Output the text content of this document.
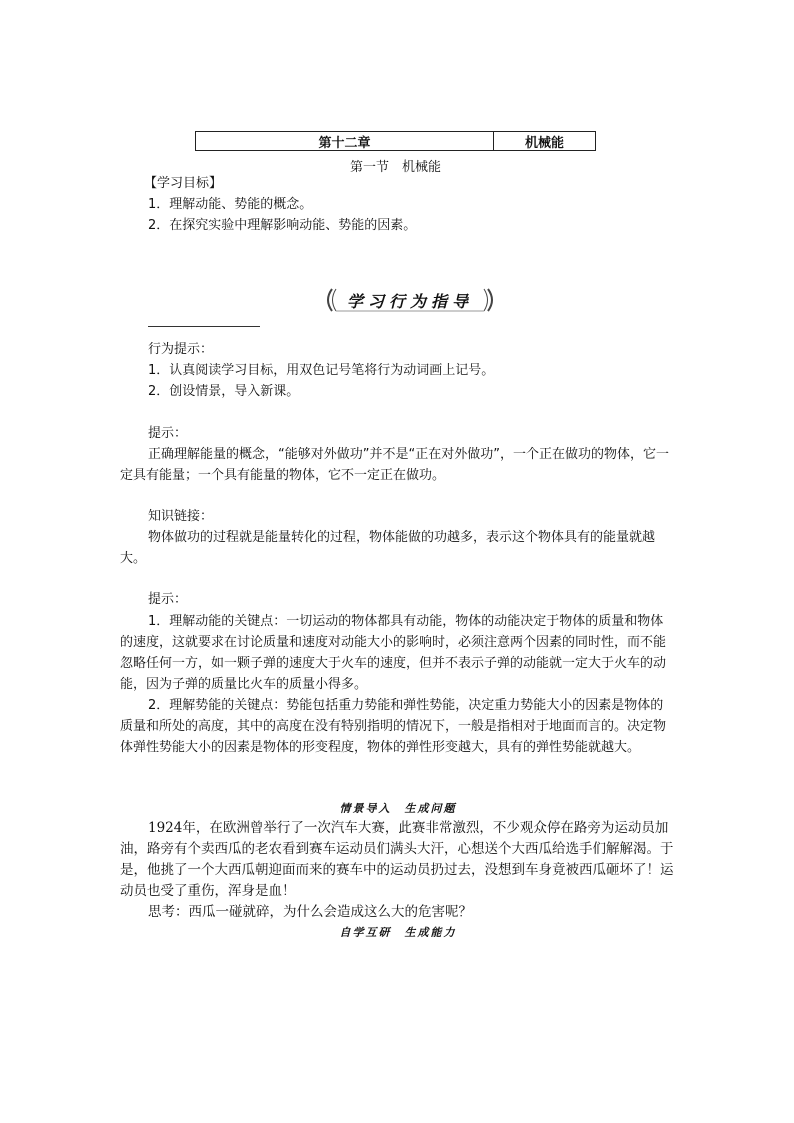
第十二章	机械能
第一节　机械能
【学习目标】
1．理解动能、势能的概念。
2．在探究实验中理解影响动能、势能的因素。
学习行为指导
行为提示：
1．认真阅读学习目标，用双色记号笔将行为动词画上记号。
2．创设情景，导入新课。
提示：
正确理解能量的概念，“能够对外做功”并不是“正在对外做功”，一个正在做功的物体，它一定具有能量；一个具有能量的物体，它不一定正在做功。
知识链接：
物体做功的过程就是能量转化的过程，物体能做的功越多，表示这个物体具有的能量就越大。
提示：
1．理解动能的关键点：一切运动的物体都具有动能，物体的动能决定于物体的质量和物体的速度，这就要求在讨论质量和速度对动能大小的影响时，必须注意两个因素的同时性，而不能忽略任何一方，如一颗子弹的速度大于火车的速度，但并不表示子弹的动能就一定大于火车的动能，因为子弹的质量比火车的质量小得多。
2．理解势能的关键点：势能包括重力势能和弹性势能，决定重力势能大小的因素是物体的质量和所处的高度，其中的高度在没有特别指明的情况下，一般是指相对于地面而言的。决定物体弹性势能大小的因素是物体的形变程度，物体的弹性形变越大，具有的弹性势能就越大。
情景导入　生成问题
1924年，在欧洲曾举行了一次汽车大赛，此赛非常激烈，不少观众停在路旁为运动员加油，路旁有个卖西瓜的老农看到赛车运动员们满头大汗，心想送个大西瓜给选手们解解渴。于是，他挑了一个大西瓜朝迎面而来的赛车中的运动员扔过去，没想到车身竟被西瓜砸坏了！运动员也受了重伤，浑身是血！
思考：西瓜一碰就碎，为什么会造成这么大的危害呢？
自学互研　生成能力
